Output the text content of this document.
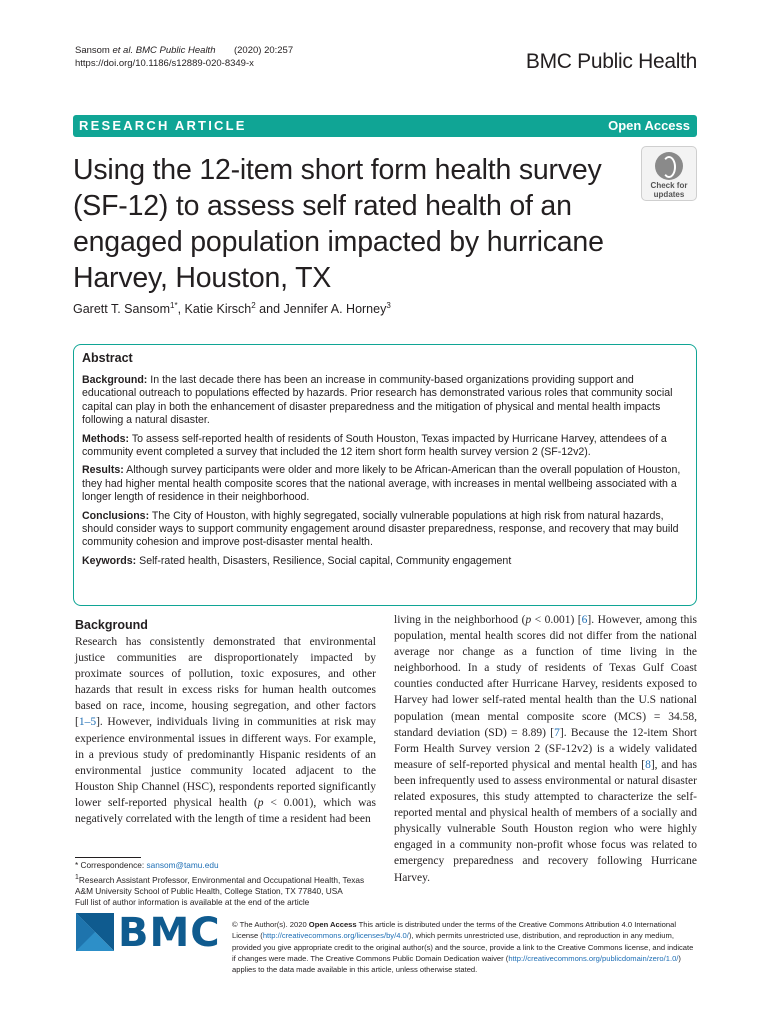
Sansom et al. BMC Public Health (2020) 20:257
https://doi.org/10.1186/s12889-020-8349-x	BMC Public Health
RESEARCH ARTICLE	Open Access
Using the 12-item short form health survey (SF-12) to assess self rated health of an engaged population impacted by hurricane Harvey, Houston, TX
Check for updates
Garett T. Sansom$^{1*}$, Katie Kirsch$^2$ and Jennifer A. Horney$^3$
Abstract

Background: In the last decade there has been an increase in community-based organizations providing support and educational outreach to populations effected by hazards. Prior research has demonstrated various roles that community social capital can play in both the enhancement of disaster preparedness and the mitigation of physical and mental health impacts following a natural disaster.

Methods: To assess self-reported health of residents of South Houston, Texas impacted by Hurricane Harvey, attendees of a community event completed a survey that included the 12 item short form health survey version 2 (SF-12v2).

Results: Although survey participants were older and more likely to be African-American than the overall population of Houston, they had higher mental health composite scores that the national average, with increases in mental wellbeing associated with a longer length of residence in their neighborhood.

Conclusions: The City of Houston, with highly segregated, socially vulnerable populations at high risk from natural hazards, should consider ways to support community engagement around disaster preparedness, response, and recovery that may build community cohesion and improve post-disaster mental health.

Keywords: Self-rated health, Disasters, Resilience, Social capital, Community engagement

Background

Research has consistently demonstrated that environmental justice communities are disproportionately impacted by proximate sources of pollution, toxic exposures, and other hazards that result in excess risks for human health outcomes based on race, income, housing segregation, and other factors [1–5]. However, individuals living in communities at risk may experience environmental issues in different ways. For example, in a previous study of predominantly Hispanic residents of an environmental justice community located adjacent to the Houston Ship Channel (HSC), respondents reported significantly lower self-reported physical health (p < 0.001), which was negatively correlated with the length of time a resident had been

living in the neighborhood (p < 0.001) [6]. However, among this population, mental health scores did not differ from the national average nor change as a function of time living in the neighborhood. In a study of residents of Texas Gulf Coast counties conducted after Hurricane Harvey, residents exposed to Harvey had lower self-rated mental health than the U.S national population (mean mental composite score (MCS) = 34.58, standard deviation (SD) = 8.89) [7]. Because the 12-item Short Form Health Survey version 2 (SF-12v2) is a widely validated measure of self-reported physical and mental health [8], and has been infrequently used to assess environmental or natural disaster related exposures, this study attempted to characterize the self-reported mental and physical health of members of a socially and physically vulnerable South Houston region who were highly engaged in a community non-profit whose focus was related to emergency preparedness and recovery following Hurricane Harvey.

* Correspondence: sansom@tamu.edu
$^1$Research Assistant Professor, Environmental and Occupational Health, Texas A&M University School of Public Health, College Station, TX 77840, USA
Full list of author information is available at the end of the article
BMC © The Author(s). 2020 Open Access This article is distributed under the terms of the Creative Commons Attribution 4.0 International License (http://creativecommons.org/licenses/by/4.0/), which permits unrestricted use, distribution, and reproduction in any medium, provided you give appropriate credit to the original author(s) and the source, provide a link to the Creative Commons license, and indicate if changes were made. The Creative Commons Public Domain Dedication waiver (http://creativecommons.org/publicdomain/zero/1.0/) applies to the data made available in this article, unless otherwise stated.
